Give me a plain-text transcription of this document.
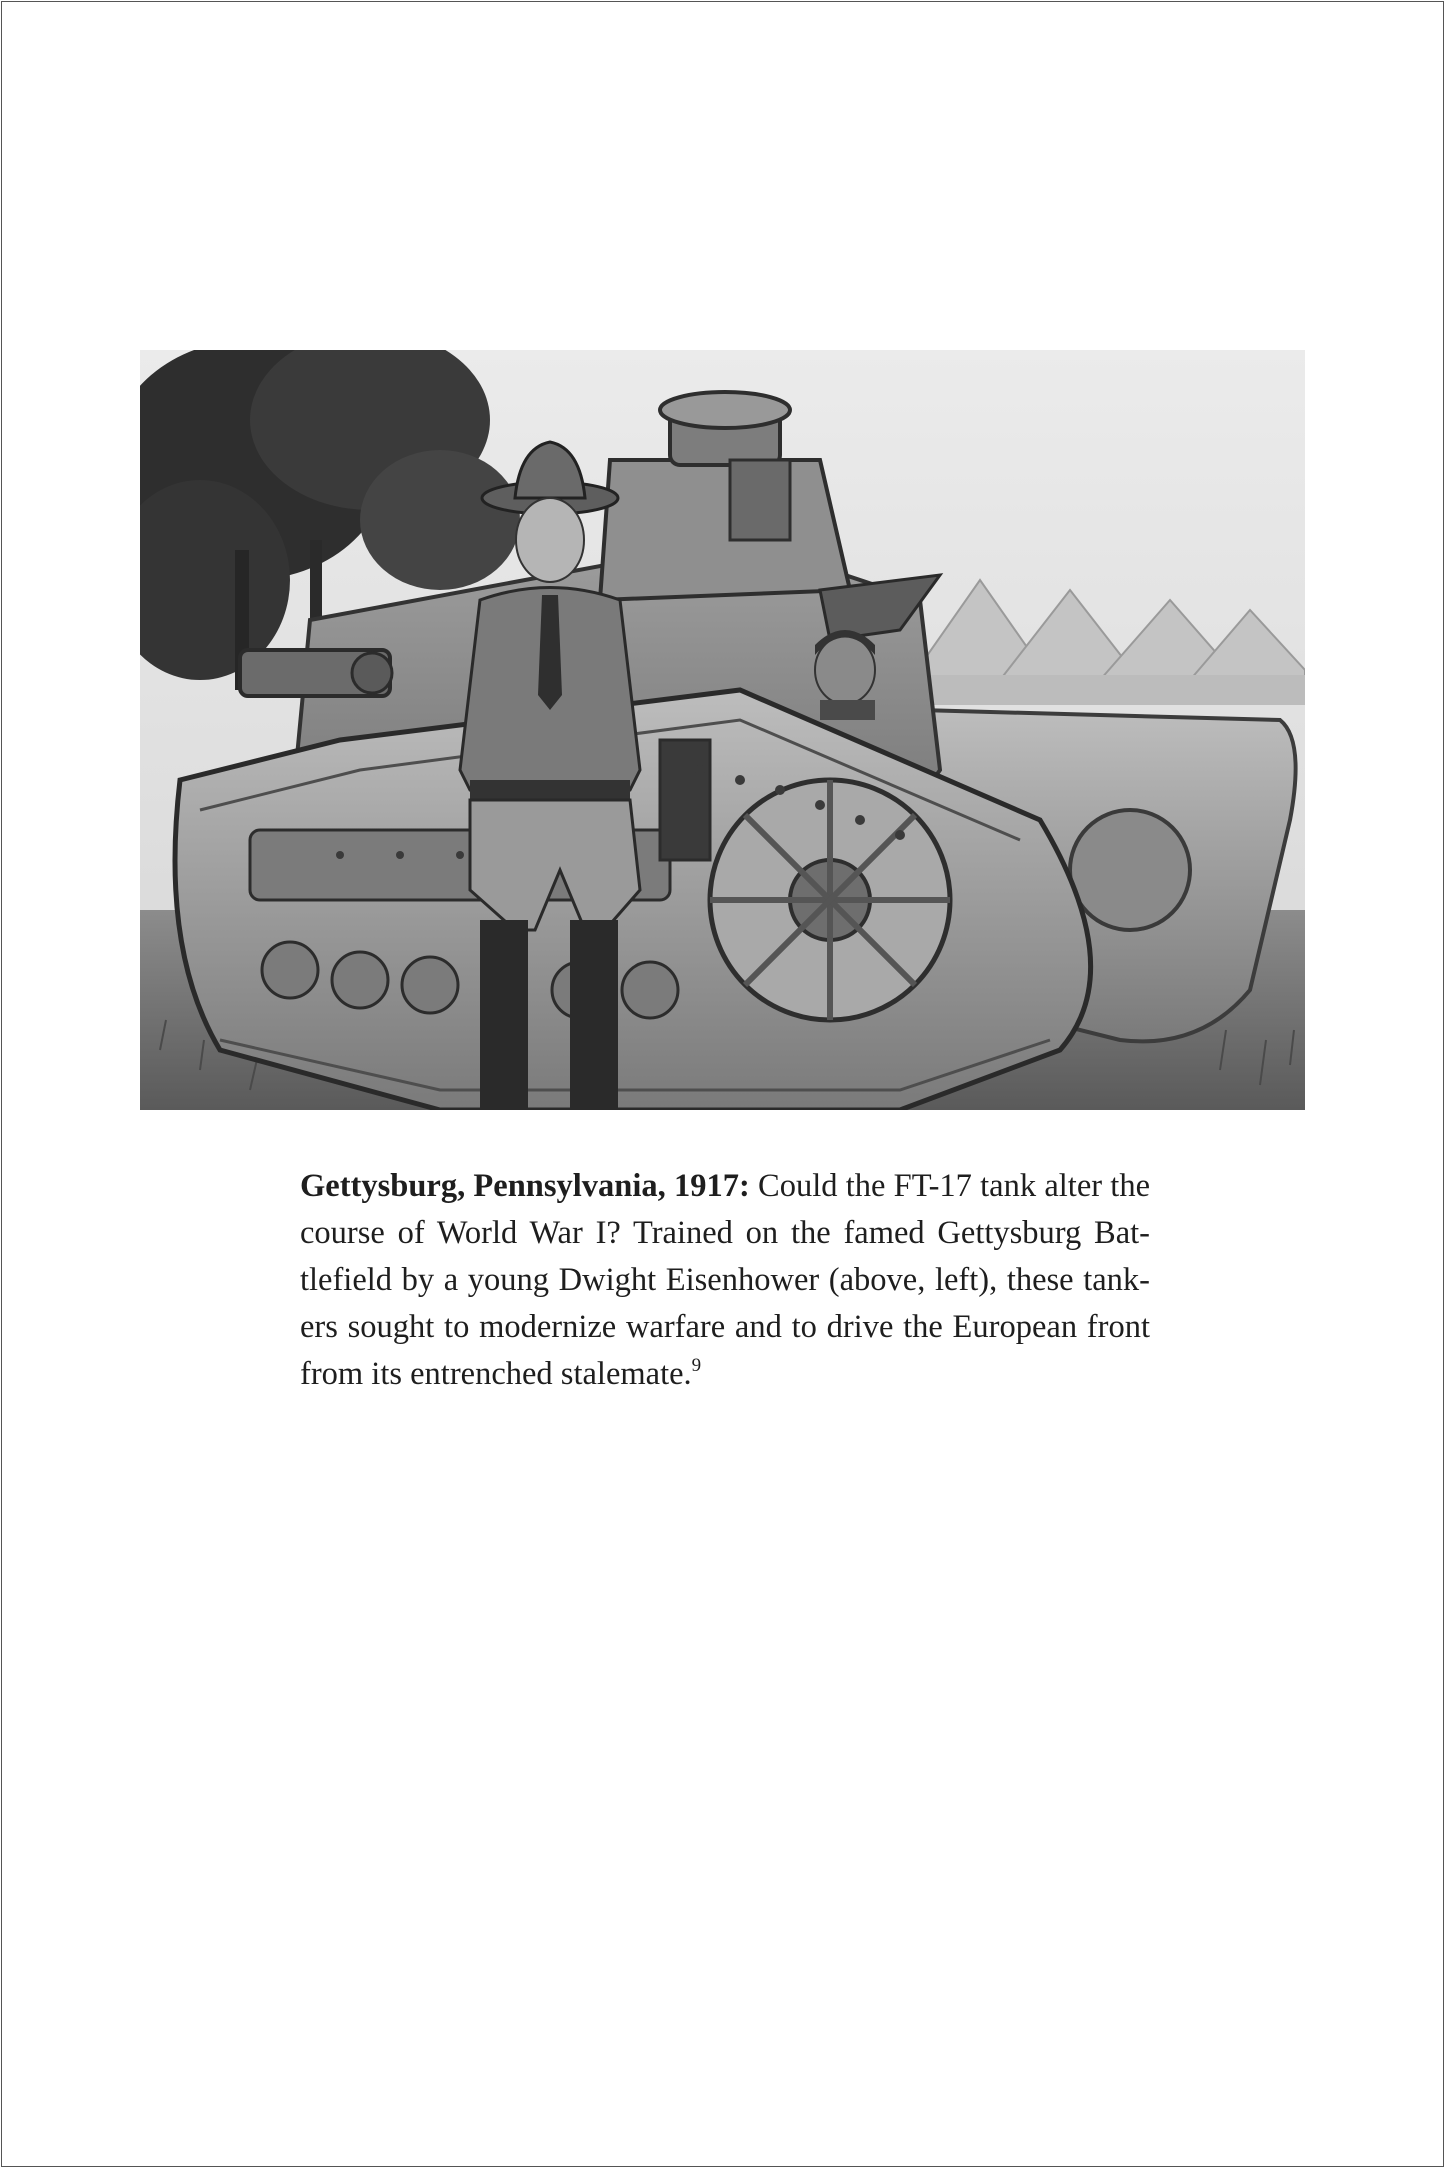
Gettysburg, Pennsylvania, 1917: Could the FT-17 tank alter the course of World War I? Trained on the famed Gettysburg Battlefield by a young Dwight Eisenhower (above, left), these tankers sought to modernize warfare and to drive the European front from its entrenched stalemate.$^9$
